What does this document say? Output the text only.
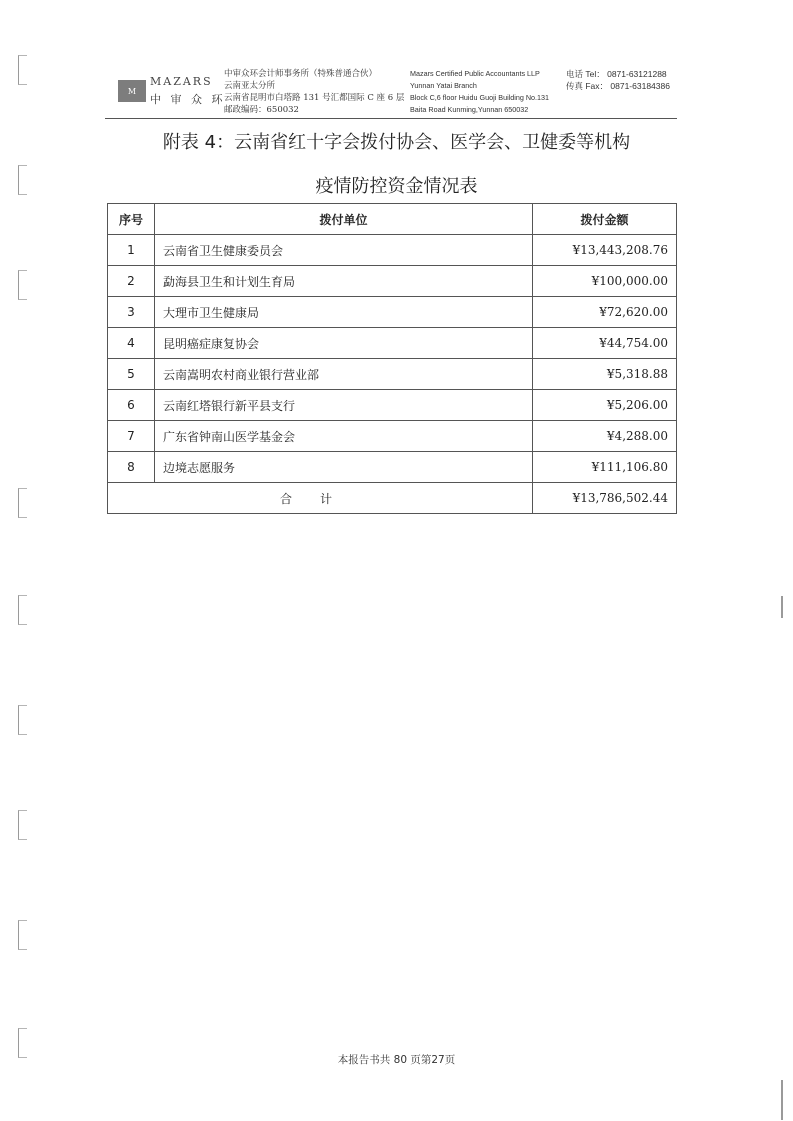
M
MAZARS
中 审 众 环
中审众环会计师事务所（特殊普通合伙）
云南亚太分所
云南省昆明市白塔路 131 号汇都国际 C 座 6 层
邮政编码：650032
Mazars Certified Public Accountants LLP
Yunnan Yatai Branch
Block C,6 floor Huidu Guoji Building No.131
Baita Road Kunming,Yunnan 650032
电话 Tel： 0871-63121288
传真 Fax： 0871-63184386
附表 4：云南省红十字会拨付协会、医学会、卫健委等机构
疫情防控资金情况表
序号	拨付单位	拨付金额
1	云南省卫生健康委员会	¥13,443,208.76
2	勐海县卫生和计划生育局	¥100,000.00
3	大理市卫生健康局	¥72,620.00
4	昆明癌症康复协会	¥44,754.00
5	云南嵩明农村商业银行营业部	¥5,318.88
6	云南红塔银行新平县支行	¥5,206.00
7	广东省钟南山医学基金会	¥4,288.00
8	边境志愿服务	¥111,106.80
合计		¥13,786,502.44
本报告书共 80 页第27页
